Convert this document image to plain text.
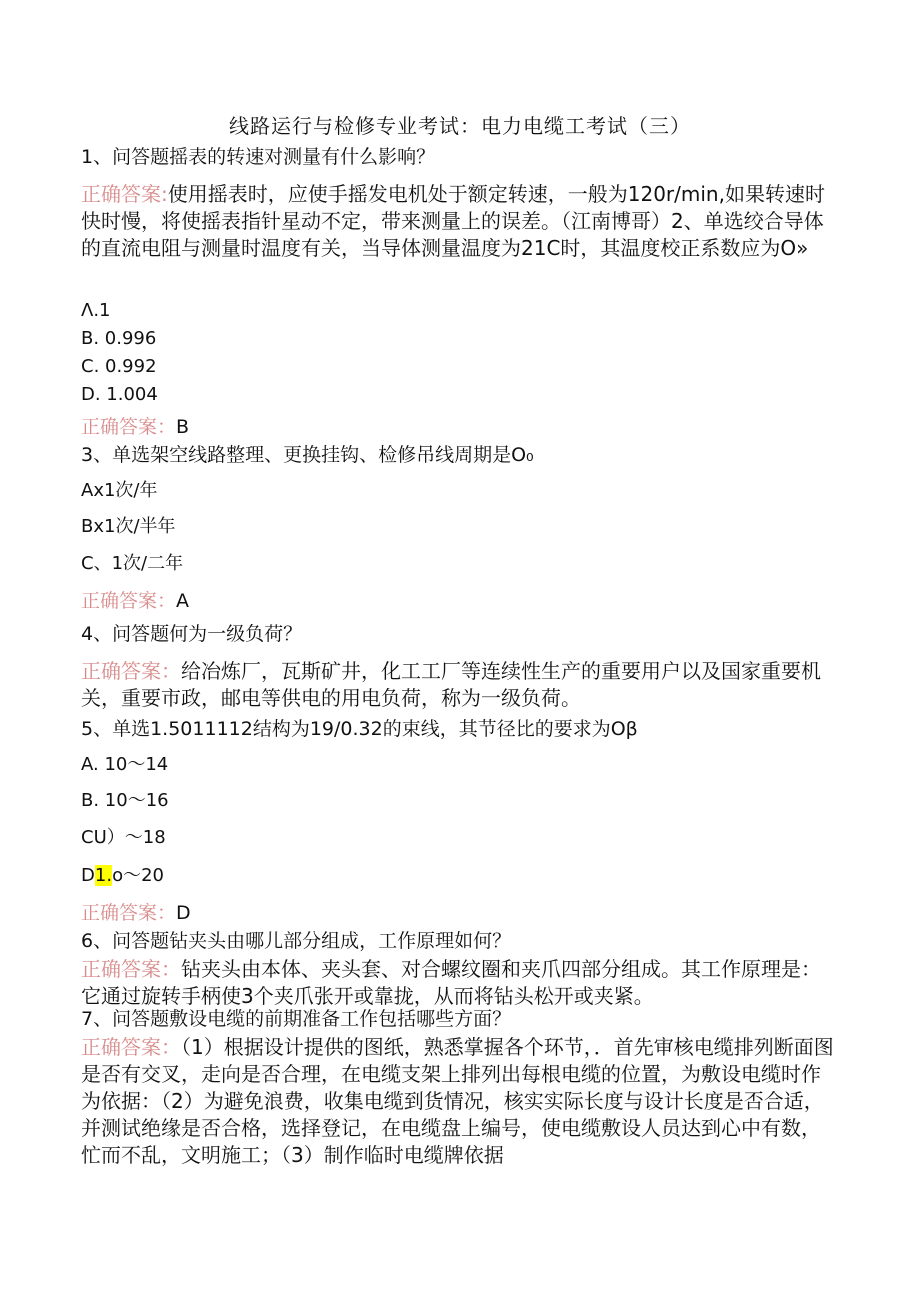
线路运行与检修专业考试：电力电缆工考试（三）
1、问答题摇表的转速对测量有什么影响？
正确答案:使用摇表时，应使手摇发电机处于额定转速，一般为120r/min,如果转速时快时慢，将使摇表指针星动不定，带来测量上的误差。（江南博哥）2、单选绞合导体的直流电阻与测量时温度有关，当导体测量温度为21C时，其温度校正系数应为O»
Λ.1
B. 0.996
C. 0.992
D. 1.004
正确答案：B
3、单选架空线路整理、更换挂钩、检修吊线周期是O₀
Ax1次/年
Bx1次/半年
C、1次/二年
正确答案：A
4、问答题何为一级负荷？
正确答案：给冶炼厂，瓦斯矿井，化工工厂等连续性生产的重要用户以及国家重要机关，重要市政，邮电等供电的用电负荷，称为一级负荷。
5、单选1.5011112结构为19/0.32的束线，其节径比的要求为Oβ
A. 10～14
B. 10～16
CU）～18
D1.o～20
正确答案：D
6、问答题钻夹头由哪儿部分组成，工作原理如何？
正确答案：钻夹头由本体、夹头套、对合螺纹圈和夹爪四部分组成。其工作原理是：它通过旋转手柄使3个夹爪张开或靠拢，从而将钻头松开或夹紧。
7、问答题敷设电缆的前期准备工作包括哪些方面？
正确答案：（1）根据设计提供的图纸，熟悉掌握各个环节，．首先审核电缆排列断面图是否有交叉，走向是否合理，在电缆支架上排列出每根电缆的位置，为敷设电缆时作为依据：（2）为避免浪费，收集电缆到货情况，核实实际长度与设计长度是否合适，并测试绝缘是否合格，选择登记，在电缆盘上编号，使电缆敷设人员达到心中有数，忙而不乱，文明施工；（3）制作临时电缆牌依据
